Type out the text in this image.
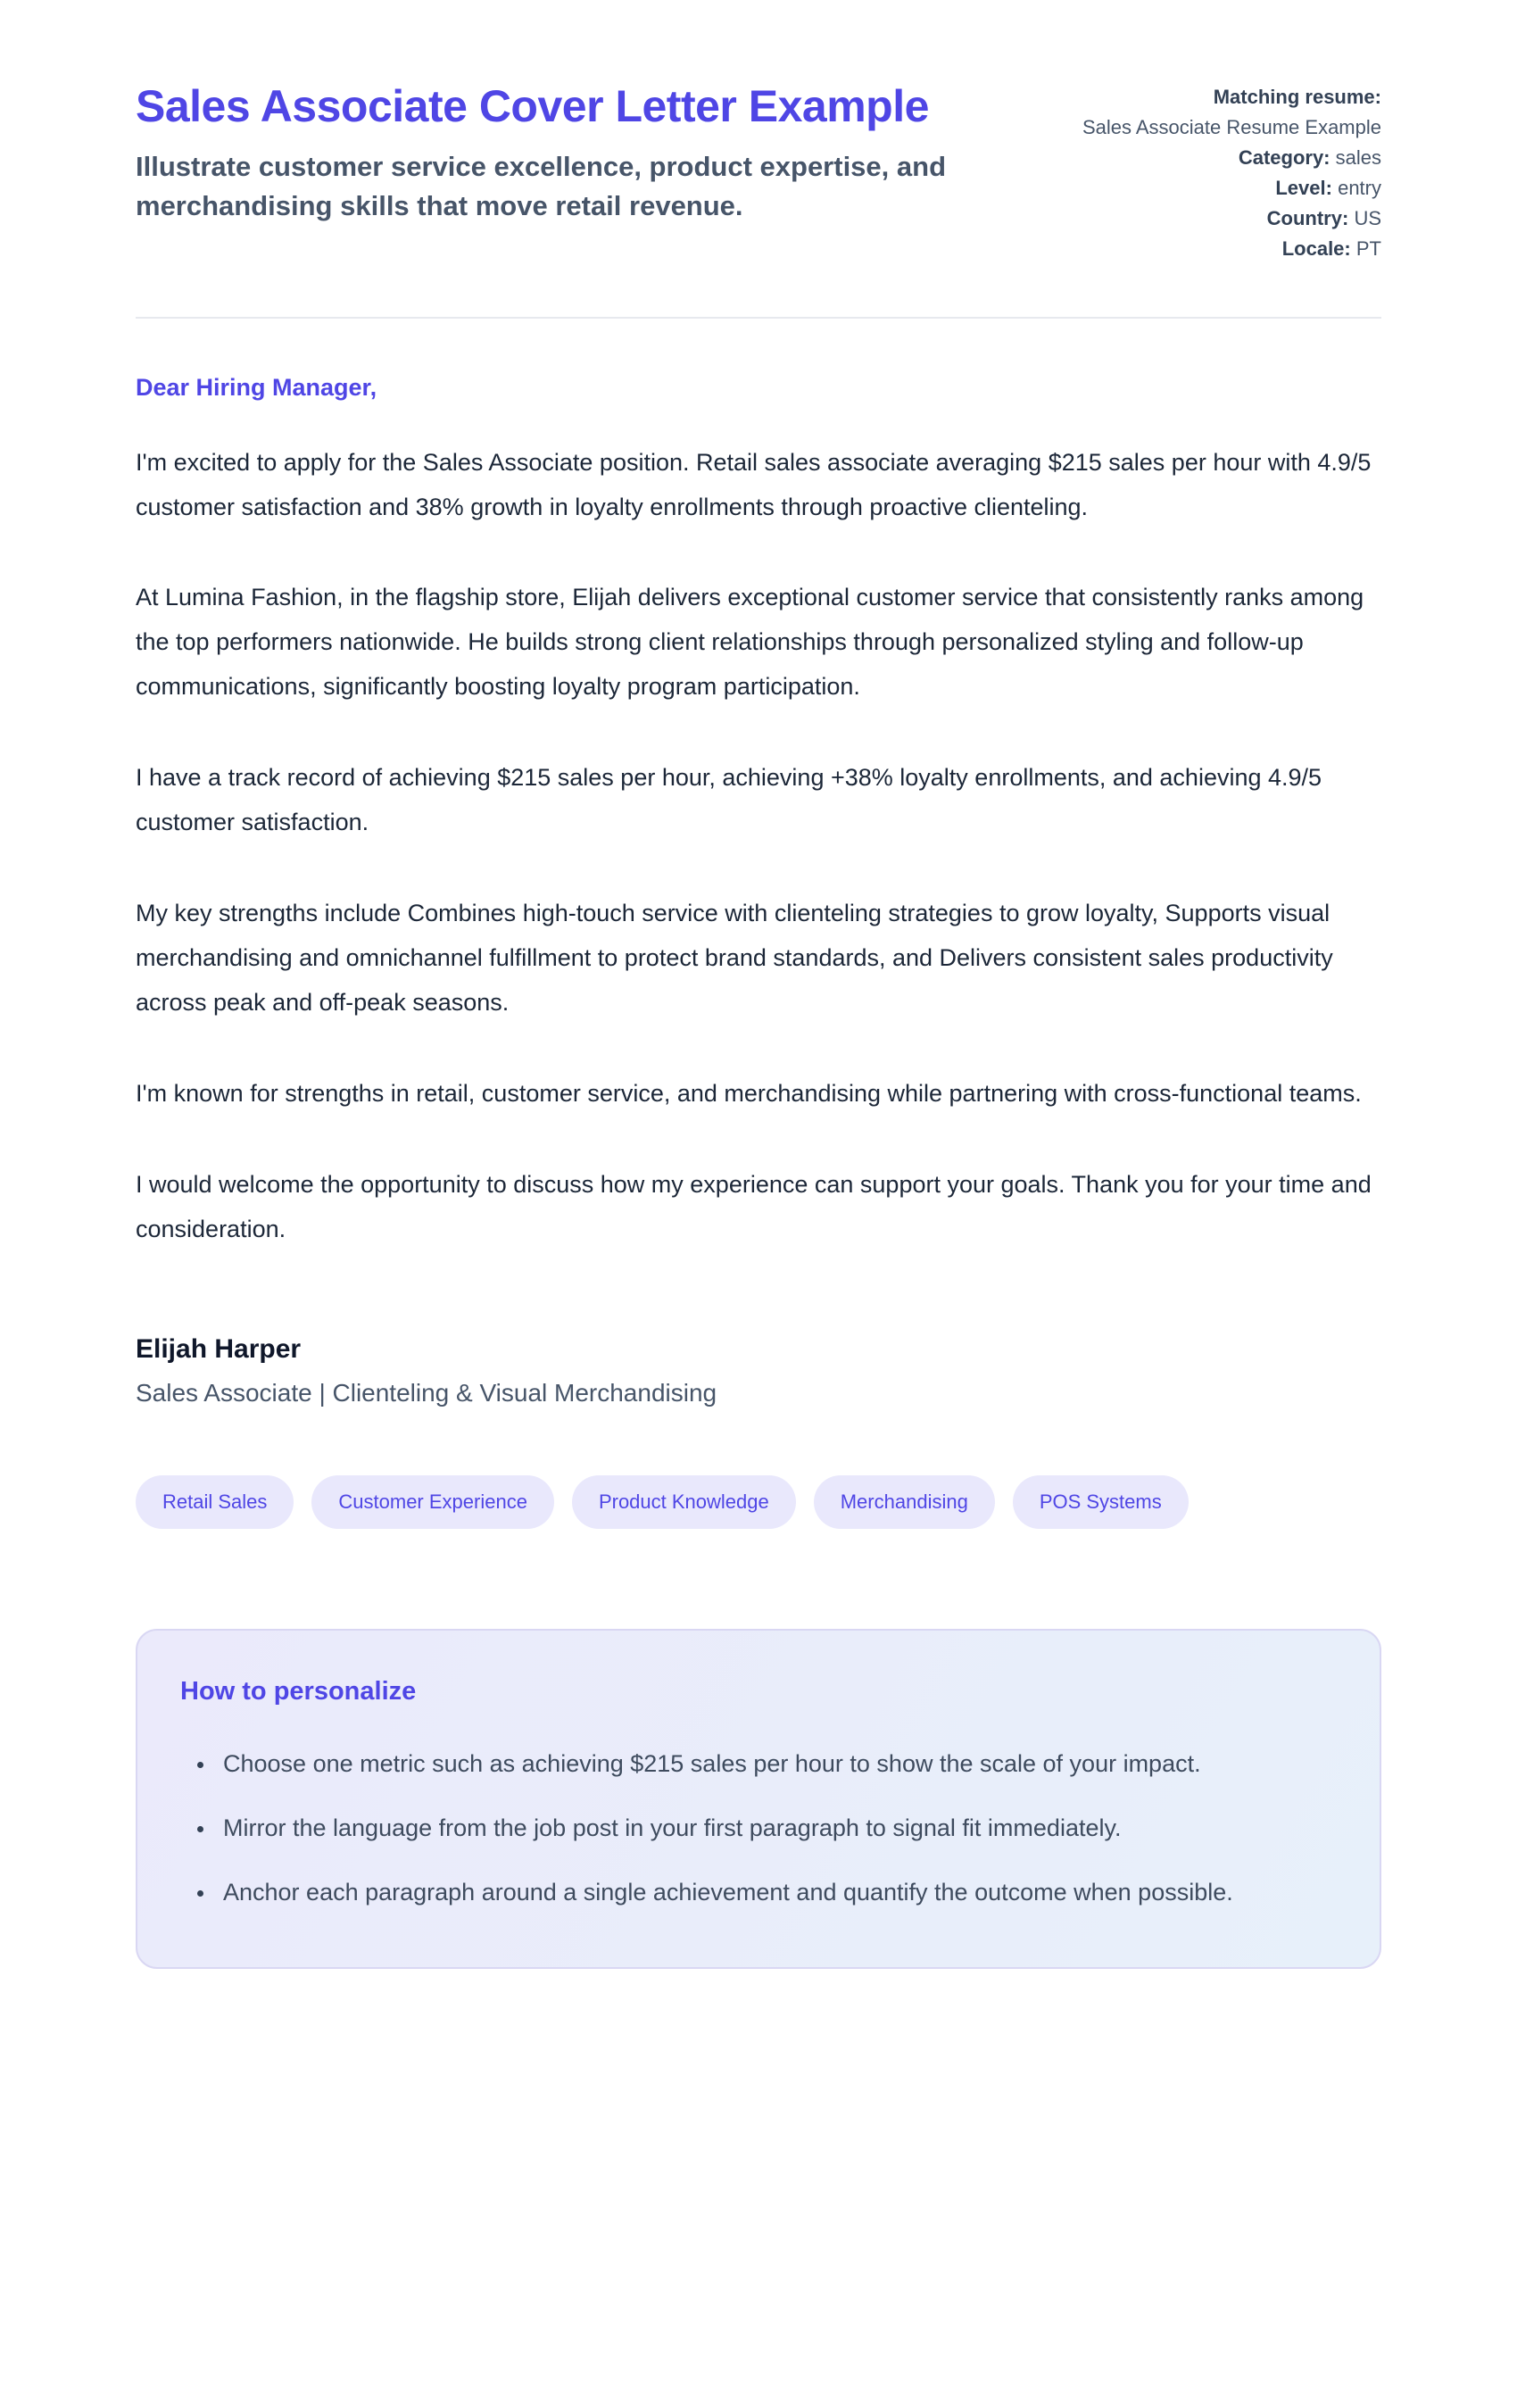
Sales Associate Cover Letter Example
Illustrate customer service excellence, product expertise, and merchandising skills that move retail revenue.
Matching resume:
Sales Associate Resume Example
Category: sales
Level: entry
Country: US
Locale: PT
Dear Hiring Manager,

I'm excited to apply for the Sales Associate position. Retail sales associate averaging $215 sales per hour with 4.9/5 customer satisfaction and 38% growth in loyalty enrollments through proactive clienteling.

At Lumina Fashion, in the flagship store, Elijah delivers exceptional customer service that consistently ranks among the top performers nationwide. He builds strong client relationships through personalized styling and follow-up communications, significantly boosting loyalty program participation.

I have a track record of achieving $215 sales per hour, achieving +38% loyalty enrollments, and achieving 4.9/5 customer satisfaction.

My key strengths include Combines high-touch service with clienteling strategies to grow loyalty, Supports visual merchandising and omnichannel fulfillment to protect brand standards, and Delivers consistent sales productivity across peak and off-peak seasons.

I'm known for strengths in retail, customer service, and merchandising while partnering with cross-functional teams.

I would welcome the opportunity to discuss how my experience can support your goals. Thank you for your time and consideration.

Elijah Harper
Sales Associate | Clienteling & Visual Merchandising
Retail Sales	Customer Experience	Product Knowledge	Merchandising	POS Systems
How to personalize
• Choose one metric such as achieving $215 sales per hour to show the scale of your impact.
• Mirror the language from the job post in your first paragraph to signal fit immediately.
• Anchor each paragraph around a single achievement and quantify the outcome when possible.
